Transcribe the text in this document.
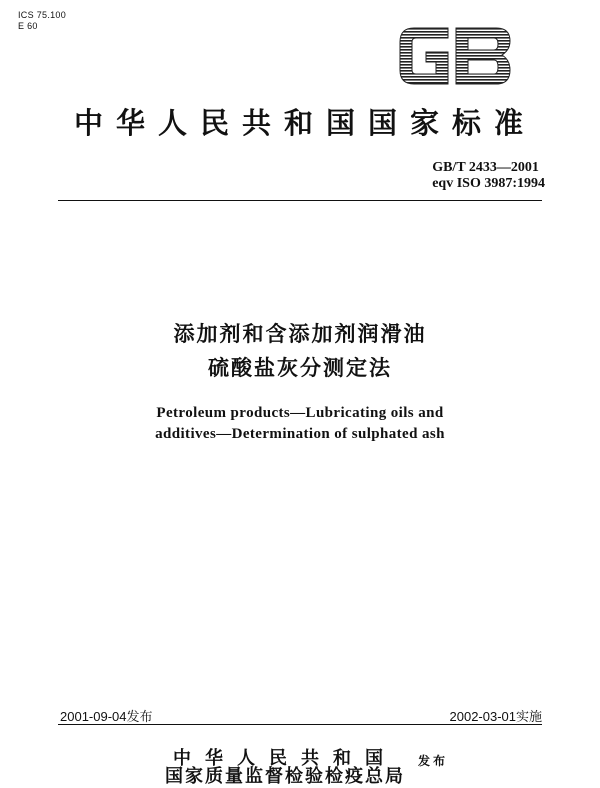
ICS 75.100
E 60	GB
中华人民共和国国家标准
GB/T 2433—2001
eqv ISO 3987:1994
添加剂和含添加剂润滑油
硫酸盐灰分测定法
Petroleum products—Lubricating oils and
additives—Determination of sulphated ash
2001-09-04发布	2002-03-01实施
中华人民共和国
国家质量监督检验检疫总局
发布
